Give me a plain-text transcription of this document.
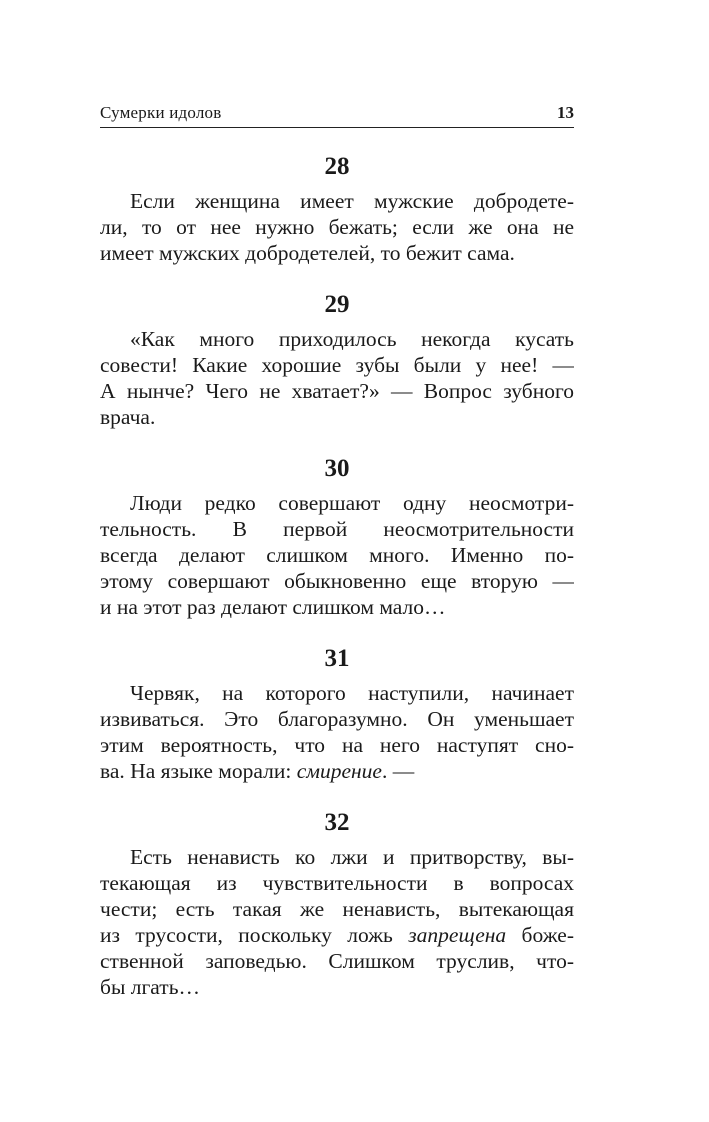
Сумерки идолов	13
28
Если женщина имеет мужские добродете-
ли, то от нее нужно бежать; если же она не
имеет мужских добродетелей, то бежит сама.
29
«Как много приходилось некогда кусать
совести! Какие хорошие зубы были у нее! —
А нынче? Чего не хватает?» — Вопрос зубного
врача.
30
Люди редко совершают одну неосмотри-
тельность. В первой неосмотрительности
всегда делают слишком много. Именно по-
этому совершают обыкновенно еще вторую —
и на этот раз делают слишком мало…
31
Червяк, на которого наступили, начинает
извиваться. Это благоразумно. Он уменьшает
этим вероятность, что на него наступят сно-
ва. На языке морали: смирение. —
32
Есть ненависть ко лжи и притворству, вы-
текающая из чувствительности в вопросах
чести; есть такая же ненависть, вытекающая
из трусости, поскольку ложь запрещена боже-
ственной заповедью. Слишком труслив, что-
бы лгать…
